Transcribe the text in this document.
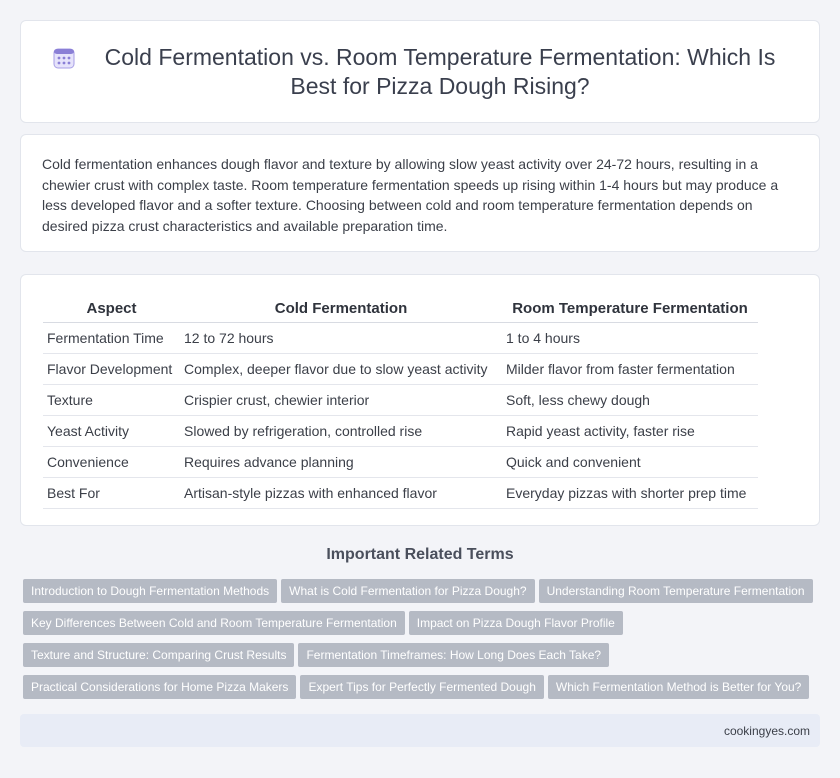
Cold Fermentation vs. Room Temperature Fermentation: Which Is Best for Pizza Dough Rising?

Cold fermentation enhances dough flavor and texture by allowing slow yeast activity over 24-72 hours, resulting in a chewier crust with complex taste. Room temperature fermentation speeds up rising within 1-4 hours but may produce a less developed flavor and a softer texture. Choosing between cold and room temperature fermentation depends on desired pizza crust characteristics and available preparation time.

Aspect	Cold Fermentation	Room Temperature Fermentation
Fermentation Time	12 to 72 hours	1 to 4 hours
Flavor Development	Complex, deeper flavor due to slow yeast activity	Milder flavor from faster fermentation
Texture	Crispier crust, chewier interior	Soft, less chewy dough
Yeast Activity	Slowed by refrigeration, controlled rise	Rapid yeast activity, faster rise
Convenience	Requires advance planning	Quick and convenient
Best For	Artisan-style pizzas with enhanced flavor	Everyday pizzas with shorter prep time
Important Related Terms
Introduction to Dough Fermentation Methods What is Cold Fermentation for Pizza Dough? Understanding Room Temperature Fermentation
Key Differences Between Cold and Room Temperature Fermentation Impact on Pizza Dough Flavor Profile
Texture and Structure: Comparing Crust Results Fermentation Timeframes: How Long Does Each Take?
Practical Considerations for Home Pizza Makers Expert Tips for Perfectly Fermented Dough Which Fermentation Method is Better for You?
cookingyes.com
